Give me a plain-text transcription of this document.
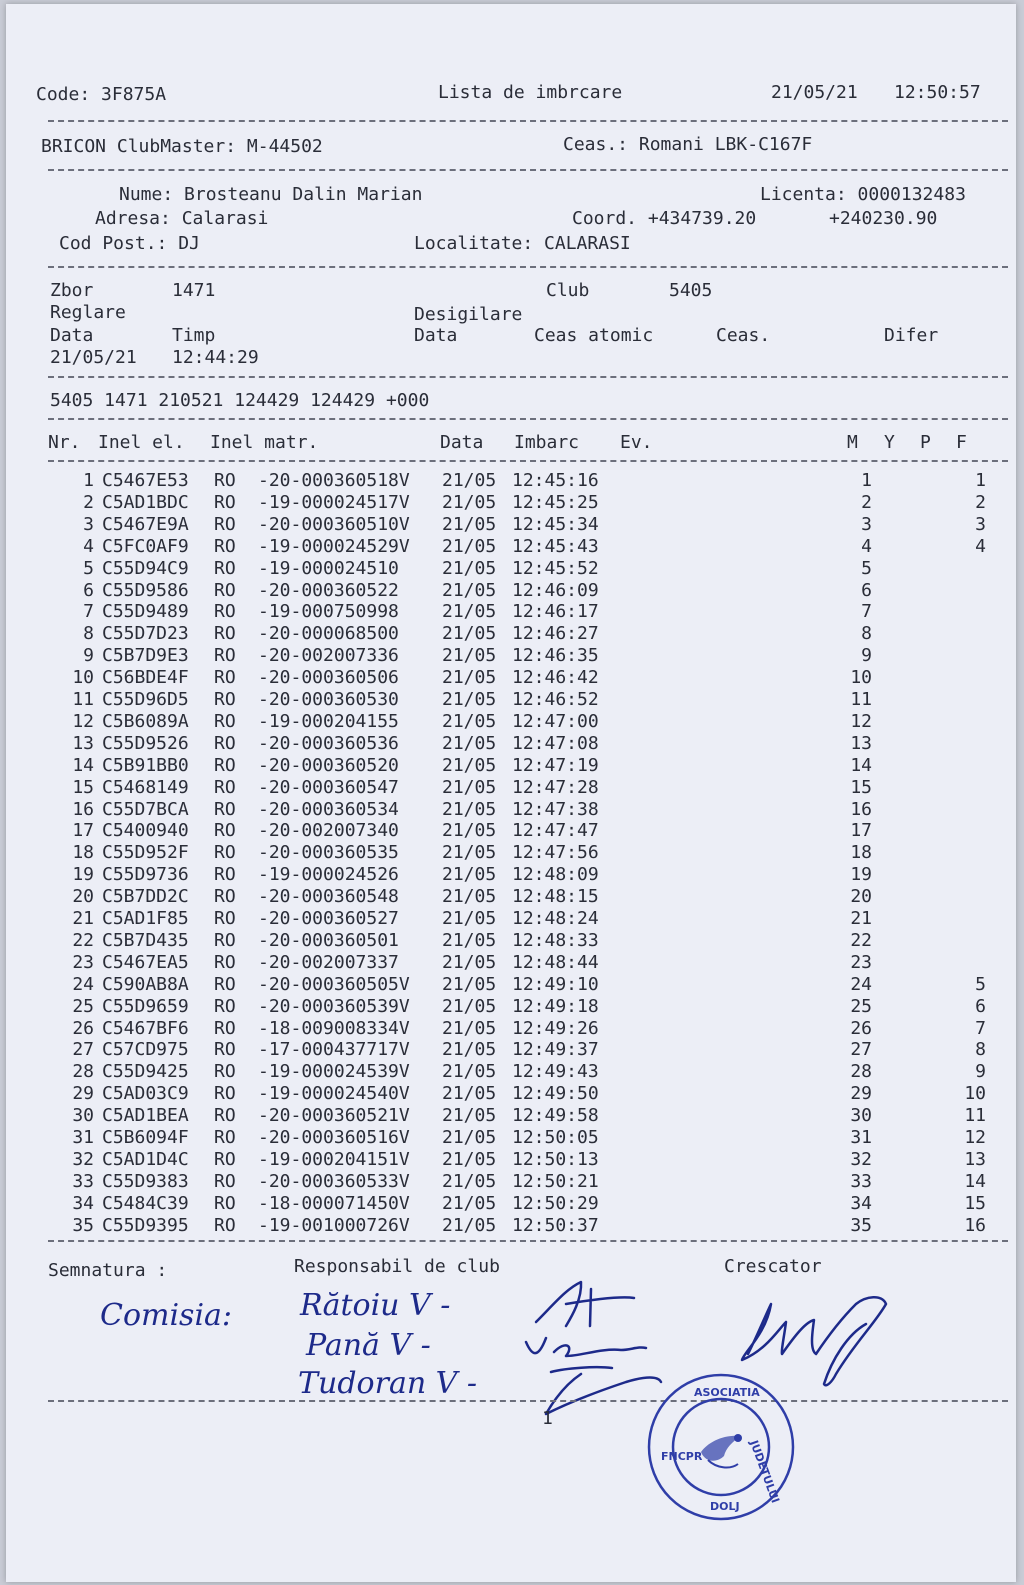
Code: 3F875A	Lista de imbrcare	21/05/21 12:50:57
BRICON ClubMaster: M-44502	Ceas.: Romani LBK-C167F
Nume: Brosteanu Dalin Marian	Licenta: 0000132483
Adresa: Calarasi	Coord. +434739.20	+240230.90
Cod Post.: DJ	Localitate: CALARASI
Zbor	1471	Club	5405
Reglare	Desigilare
Data	Timp	Data	Ceas atomic	Ceas.	Difer
21/05/21 12:44:29
5405 1471 210521 124429 124429 +000
Nr. Inel el. Inel matr.	Data Imbarc Ev.	M Y P F
1 C5467E53 RO -20-000360518V 21/05 12:45:16	1	1
2 C5AD1BDC RO -19-000024517V 21/05 12:45:25	2	2
3 C5467E9A RO -20-000360510V 21/05 12:45:34	3	3
4 C5FC0AF9 RO -19-000024529V 21/05 12:45:43	4	4
5 C55D94C9 RO -19-000024510 21/05 12:45:52	5
6 C55D9586 RO -20-000360522 21/05 12:46:09	6
7 C55D9489 RO -19-000750998 21/05 12:46:17	7
8 C55D7D23 RO -20-000068500 21/05 12:46:27	8
9 C5B7D9E3 RO -20-002007336 21/05 12:46:35	9
10 C56BDE4F RO -20-000360506 21/05 12:46:42	10
11 C55D96D5 RO -20-000360530 21/05 12:46:52	11
12 C5B6089A RO -19-000204155 21/05 12:47:00	12
13 C55D9526 RO -20-000360536 21/05 12:47:08	13
14 C5B91BB0 RO -20-000360520 21/05 12:47:19	14
15 C5468149 RO -20-000360547 21/05 12:47:28	15
16 C55D7BCA RO -20-000360534 21/05 12:47:38	16
17 C5400940 RO -20-002007340 21/05 12:47:47	17
18 C55D952F RO -20-000360535 21/05 12:47:56	18
19 C55D9736 RO -19-000024526 21/05 12:48:09	19
20 C5B7DD2C RO -20-000360548 21/05 12:48:15	20
21 C5AD1F85 RO -20-000360527 21/05 12:48:24	21
22 C5B7D435 RO -20-000360501 21/05 12:48:33	22
23 C5467EA5 RO -20-002007337 21/05 12:48:44	23
24 C590AB8A RO -20-000360505V 21/05 12:49:10	24	5
25 C55D9659 RO -20-000360539V 21/05 12:49:18	25	6
26 C5467BF6 RO -18-009008334V 21/05 12:49:26	26	7
27 C57CD975 RO -17-000437717V 21/05 12:49:37	27	8
28 C55D9425 RO -19-000024539V 21/05 12:49:43	28	9
29 C5AD03C9 RO -19-000024540V 21/05 12:49:50	29	10
30 C5AD1BEA RO -20-000360521V 21/05 12:49:58	30	11
31 C5B6094F RO -20-000360516V 21/05 12:50:05	31	12
32 C5AD1D4C RO -19-000204151V 21/05 12:50:13	32	13
33 C55D9383 RO -20-000360533V 21/05 12:50:21	33	14
34 C5484C39 RO -18-000071450V 21/05 12:50:29	34	15
35 C55D9395 RO -19-001000726V 21/05 12:50:37	35	16
Semnatura :	Responsabil de club	Crescator
Comisia: Rătoiu V -
Pană V -
Tudoran V -
1
ASOCIATIA
JUDETULUI
FNCPR
DOLJ
